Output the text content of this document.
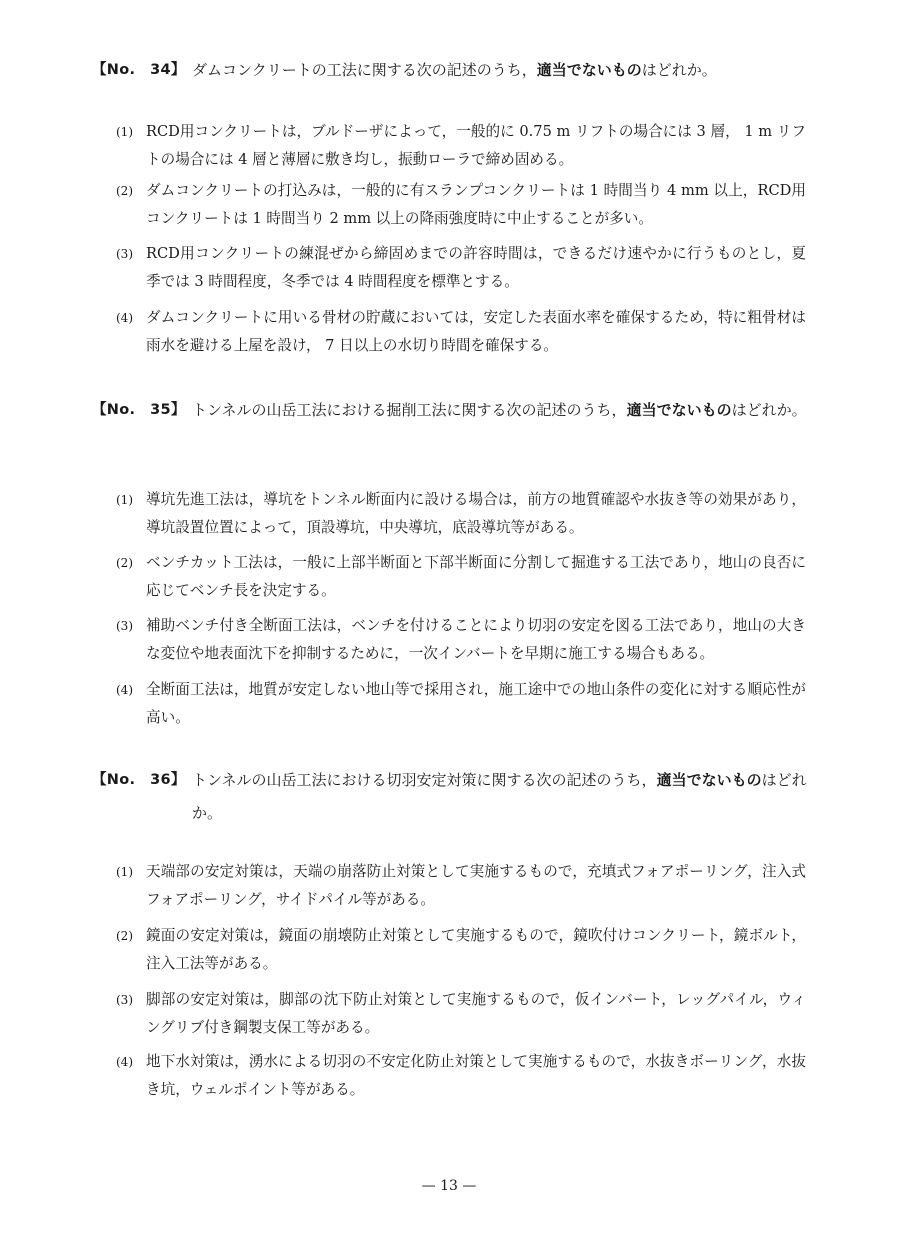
【No.　34】 ダムコンクリートの工法に関する次の記述のうち，適当でないものはどれか。
(1) RCD用コンクリートは，ブルドーザによって，一般的に 0.75 m リフトの場合には 3 層， 1 m リフトの場合には 4 層と薄層に敷き均し，振動ローラで締め固める。
(2) ダムコンクリートの打込みは，一般的に有スランプコンクリートは 1 時間当り 4 mm 以上，RCD用コンクリートは 1 時間当り 2 mm 以上の降雨強度時に中止することが多い。
(3) RCD用コンクリートの練混ぜから締固めまでの許容時間は，できるだけ速やかに行うものとし，夏季では 3 時間程度，冬季では 4 時間程度を標準とする。
(4) ダムコンクリートに用いる骨材の貯蔵においては，安定した表面水率を確保するため，特に粗骨材は雨水を避ける上屋を設け， 7 日以上の水切り時間を確保する。
【No.　35】 トンネルの山岳工法における掘削工法に関する次の記述のうち，適当でないものはどれか。
(1) 導坑先進工法は，導坑をトンネル断面内に設ける場合は，前方の地質確認や水抜き等の効果があり，導坑設置位置によって，頂設導坑，中央導坑，底設導坑等がある。
(2) ベンチカット工法は，一般に上部半断面と下部半断面に分割して掘進する工法であり，地山の良否に応じてベンチ長を決定する。
(3) 補助ベンチ付き全断面工法は，ベンチを付けることにより切羽の安定を図る工法であり，地山の大きな変位や地表面沈下を抑制するために，一次インバートを早期に施工する場合もある。
(4) 全断面工法は，地質が安定しない地山等で採用され，施工途中での地山条件の変化に対する順応性が高い。
【No.　36】 トンネルの山岳工法における切羽安定対策に関する次の記述のうち，適当でないものはどれか。
(1) 天端部の安定対策は，天端の崩落防止対策として実施するもので，充填式フォアポーリング，注入式フォアポーリング，サイドパイル等がある。
(2) 鏡面の安定対策は，鏡面の崩壊防止対策として実施するもので，鏡吹付けコンクリート，鏡ボルト，注入工法等がある。
(3) 脚部の安定対策は，脚部の沈下防止対策として実施するもので，仮インバート，レッグパイル，ウィングリブ付き鋼製支保工等がある。
(4) 地下水対策は，湧水による切羽の不安定化防止対策として実施するもので，水抜きボーリング，水抜き坑，ウェルポイント等がある。
— 13 —
